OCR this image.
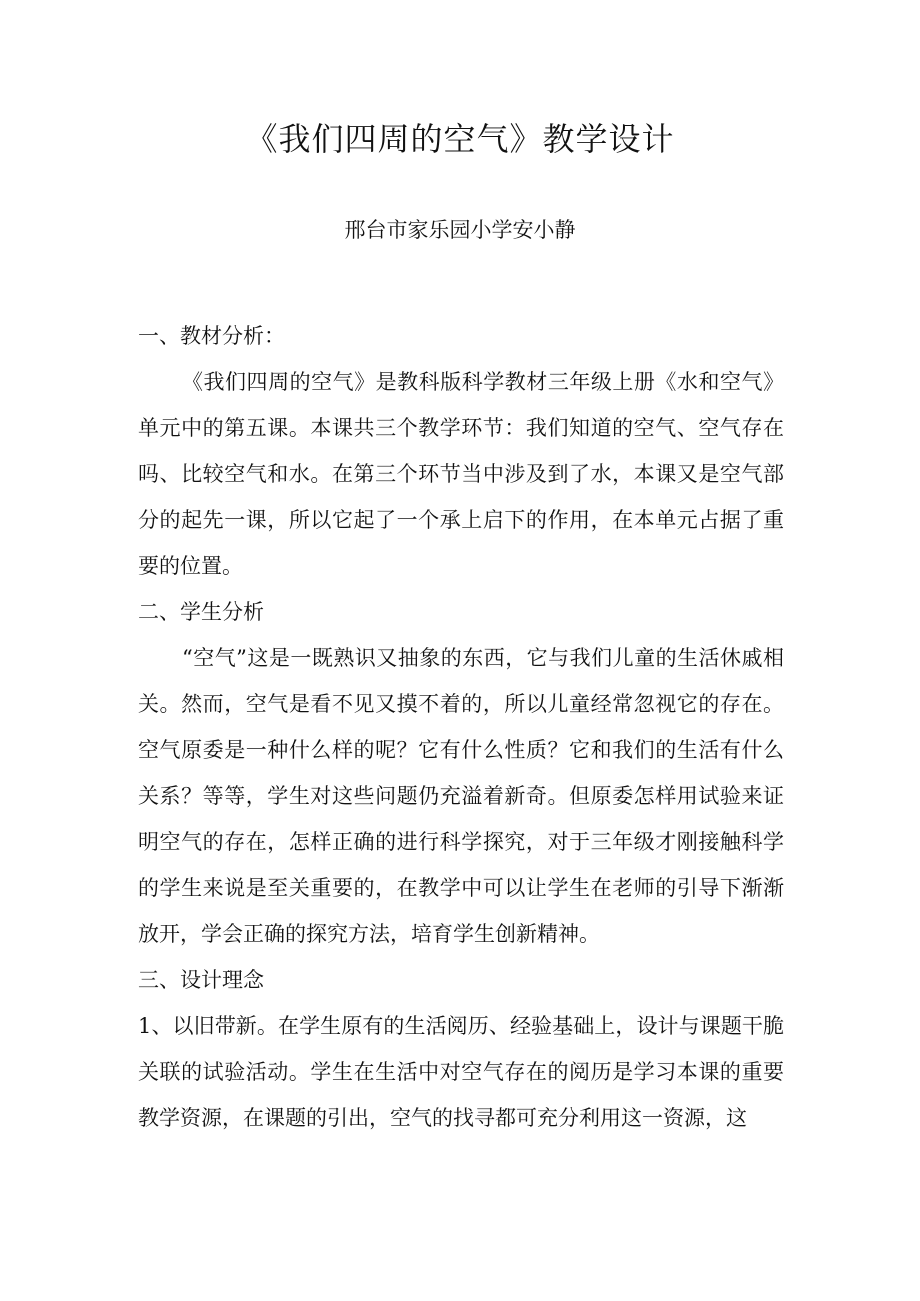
《我们四周的空气》教学设计
邢台市家乐园小学安小静

一、教材分析：

《我们四周的空气》是教科版科学教材三年级上册《水和空气》单元中的第五课。本课共三个教学环节：我们知道的空气、空气存在吗、比较空气和水。在第三个环节当中涉及到了水，本课又是空气部分的起先一课，所以它起了一个承上启下的作用，在本单元占据了重要的位置。

二、学生分析

“空气”这是一既熟识又抽象的东西，它与我们儿童的生活休戚相关。然而，空气是看不见又摸不着的，所以儿童经常忽视它的存在。空气原委是一种什么样的呢？它有什么性质？它和我们的生活有什么关系？等等，学生对这些问题仍充溢着新奇。但原委怎样用试验来证明空气的存在，怎样正确的进行科学探究，对于三年级才刚接触科学的学生来说是至关重要的，在教学中可以让学生在老师的引导下渐渐放开，学会正确的探究方法，培育学生创新精神。

三、设计理念

1、以旧带新。在学生原有的生活阅历、经验基础上，设计与课题干脆关联的试验活动。学生在生活中对空气存在的阅历是学习本课的重要教学资源，在课题的引出，空气的找寻都可充分利用这一资源，这
